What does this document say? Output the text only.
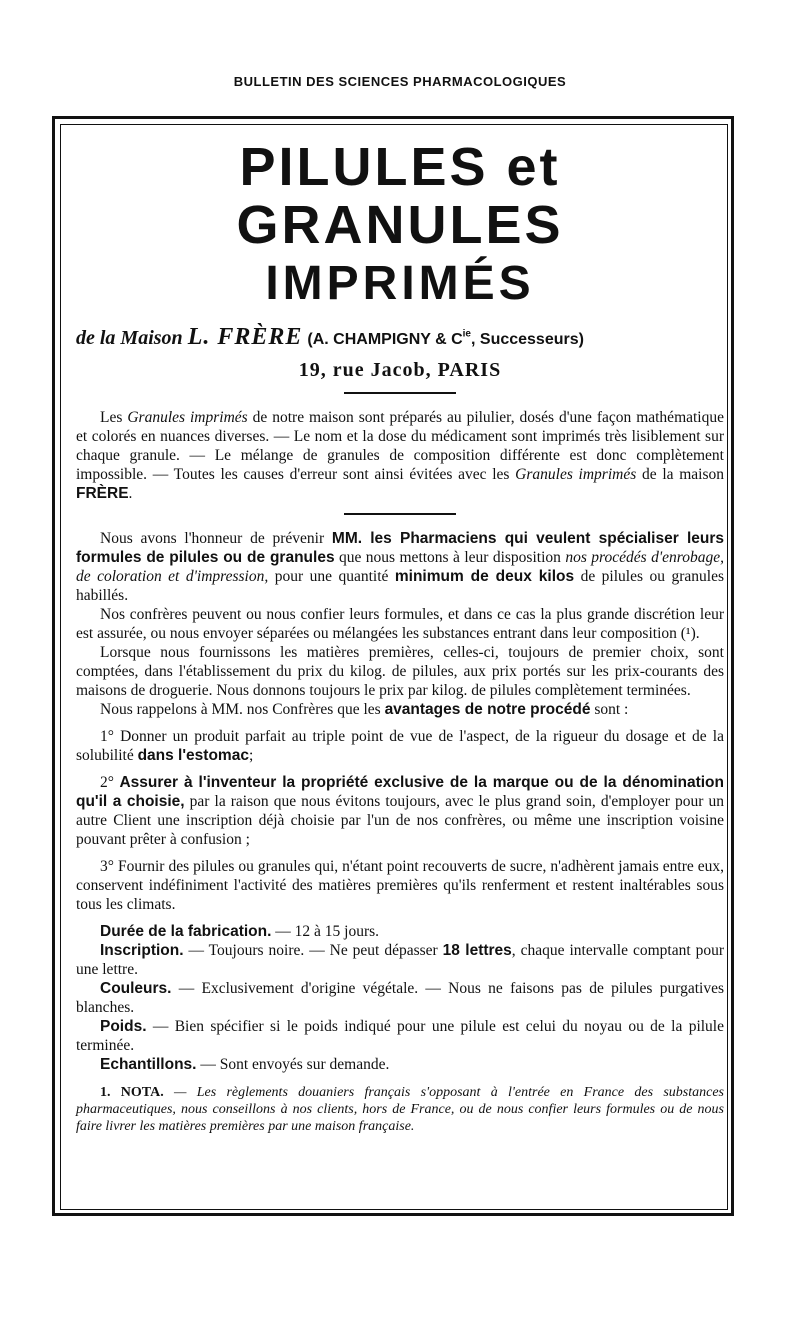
BULLETIN DES SCIENCES PHARMACOLOGIQUES
PILULES et GRANULES
IMPRIMÉS
de la Maison L. FRÈRE (A. CHAMPIGNY & $C^{ie}$, Successeurs)
19, rue Jacob, PARIS

Les Granules imprimés de notre maison sont préparés au pilulier, dosés d'une façon mathématique et colorés en nuances diverses. — Le nom et la dose du médicament sont imprimés très lisiblement sur chaque granule. — Le mélange de granules de composition différente est donc complètement impossible. — Toutes les causes d'erreur sont ainsi évitées avec les Granules imprimés de la maison FRÈRE.

Nous avons l'honneur de prévenir MM. les Pharmaciens qui veulent spécialiser leurs formules de pilules ou de granules que nous mettons à leur disposition nos procédés d'enrobage, de coloration et d'impression, pour une quantité minimum de deux kilos de pilules ou granules habillés.

Nos confrères peuvent ou nous confier leurs formules, et dans ce cas la plus grande discrétion leur est assurée, ou nous envoyer séparées ou mélangées les substances entrant dans leur composition (¹).

Lorsque nous fournissons les matières premières, celles-ci, toujours de premier choix, sont comptées, dans l'établissement du prix du kilog. de pilules, aux prix portés sur les prix-courants des maisons de droguerie. Nous donnons toujours le prix par kilog. de pilules complètement terminées.

Nous rappelons à MM. nos Confrères que les avantages de notre procédé sont :

1° Donner un produit parfait au triple point de vue de l'aspect, de la rigueur du dosage et de la solubilité dans l'estomac;

2° Assurer à l'inventeur la propriété exclusive de la marque ou de la dénomination qu'il a choisie, par la raison que nous évitons toujours, avec le plus grand soin, d'employer pour un autre Client une inscription déjà choisie par l'un de nos confrères, ou même une inscription voisine pouvant prêter à confusion ;

3° Fournir des pilules ou granules qui, n'étant point recouverts de sucre, n'adhèrent jamais entre eux, conservent indéfiniment l'activité des matières premières qu'ils renferment et restent inaltérables sous tous les climats.

Durée de la fabrication. — 12 à 15 jours.

Inscription. — Toujours noire. — Ne peut dépasser 18 lettres, chaque intervalle comptant pour une lettre.

Couleurs. — Exclusivement d'origine végétale. — Nous ne faisons pas de pilules purgatives blanches.

Poids. — Bien spécifier si le poids indiqué pour une pilule est celui du noyau ou de la pilule terminée.

Echantillons. — Sont envoyés sur demande.

1. NOTA. — Les règlements douaniers français s'opposant à l'entrée en France des substances pharmaceutiques, nous conseillons à nos clients, hors de France, ou de nous confier leurs formules ou de nous faire livrer les matières premières par une maison française.
